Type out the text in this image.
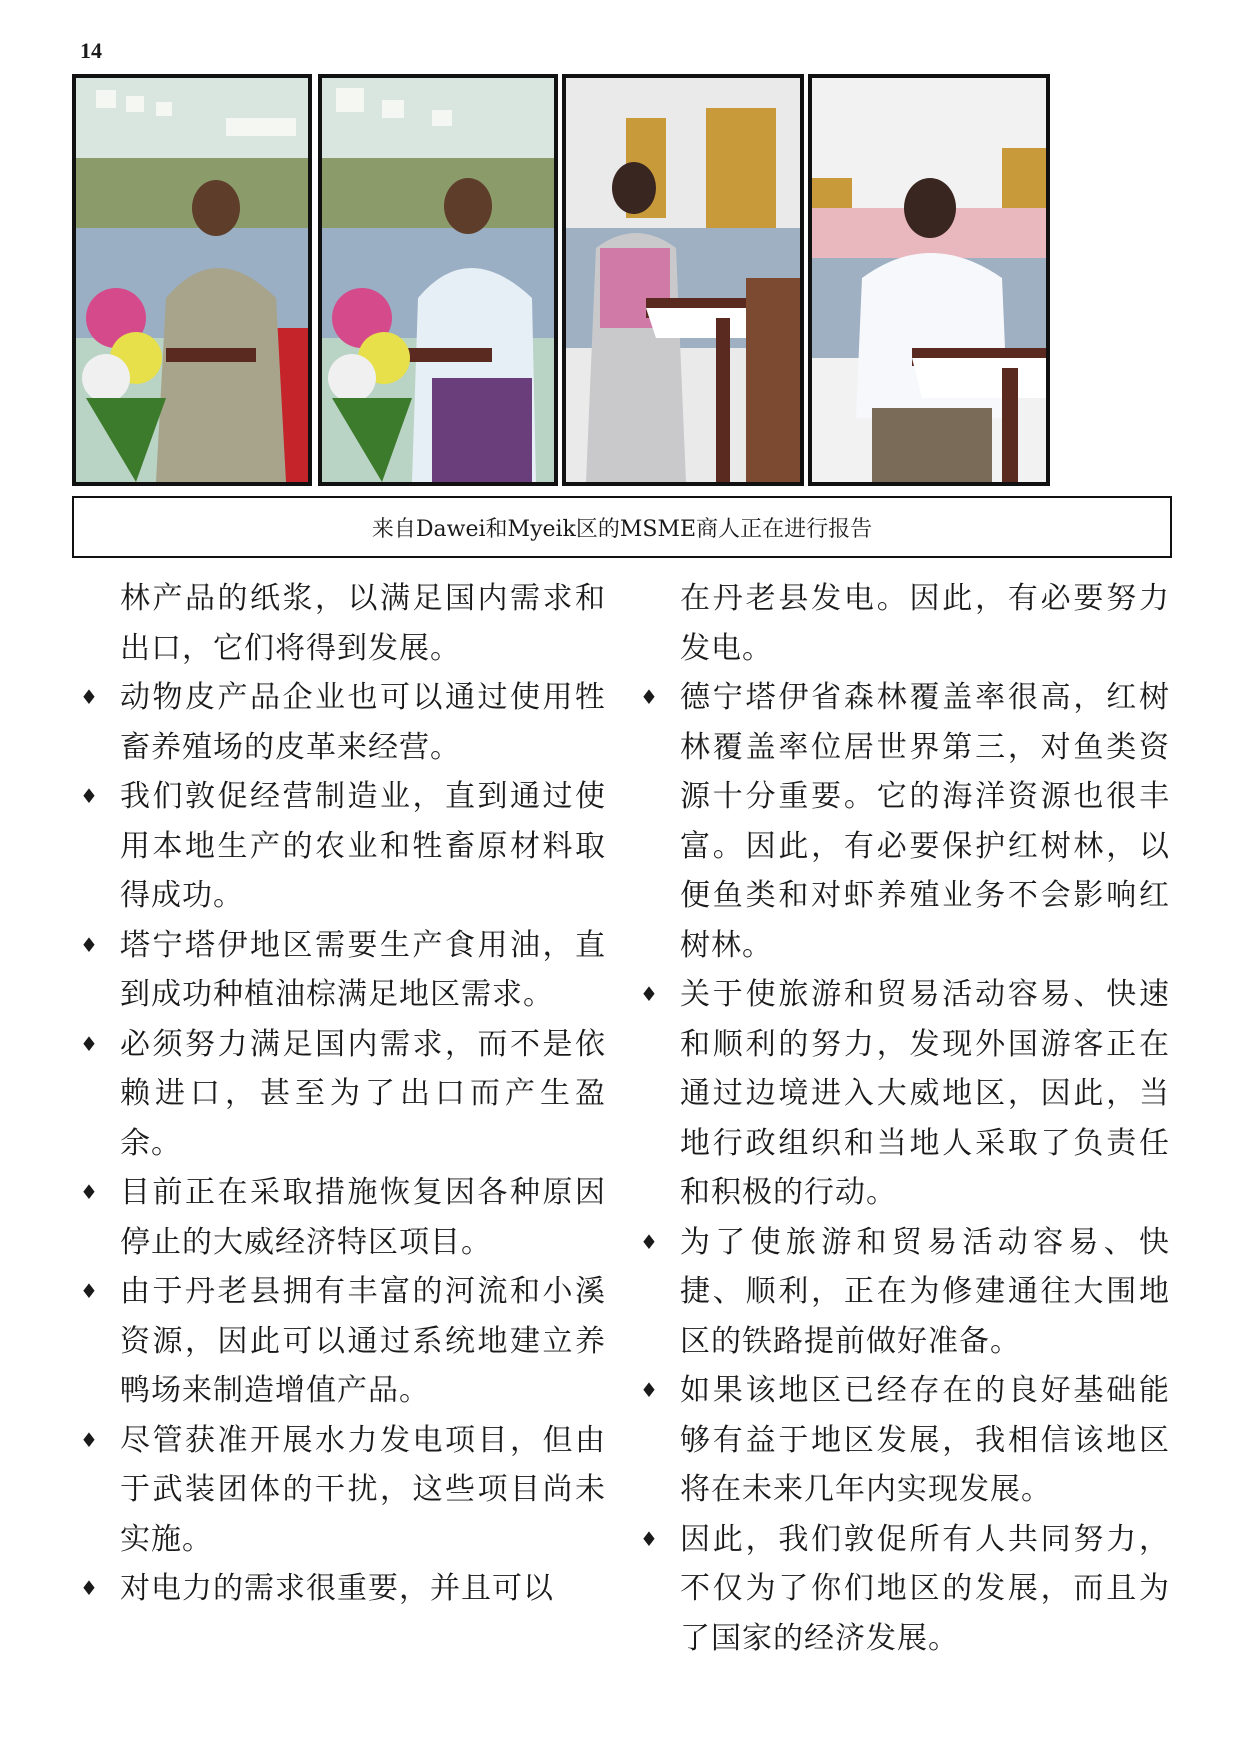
14
来自Dawei和Myeik区的MSME商人正在进行报告
林产品的纸浆，以满足国内需求和出口，它们将得到发展。
♦ 动物皮产品企业也可以通过使用牲畜养殖场的皮革来经营。
♦ 我们敦促经营制造业，直到通过使用本地生产的农业和牲畜原材料取得成功。
♦ 塔宁塔伊地区需要生产食用油，直到成功种植油棕满足地区需求。
♦ 必须努力满足国内需求，而不是依赖进口，甚至为了出口而产生盈余。
♦ 目前正在采取措施恢复因各种原因停止的大威经济特区项目。
♦ 由于丹老县拥有丰富的河流和小溪资源，因此可以通过系统地建立养鸭场来制造增值产品。
♦ 尽管获准开展水力发电项目，但由于武装团体的干扰，这些项目尚未实施。
♦ 对电力的需求很重要，并且可以
在丹老县发电。因此，有必要努力发电。
♦ 德宁塔伊省森林覆盖率很高，红树林覆盖率位居世界第三，对鱼类资源十分重要。它的海洋资源也很丰富。因此，有必要保护红树林，以便鱼类和对虾养殖业务不会影响红树林。
♦ 关于使旅游和贸易活动容易、快速和顺利的努力，发现外国游客正在通过边境进入大威地区，因此，当地行政组织和当地人采取了负责任和积极的行动。
♦ 为了使旅游和贸易活动容易、快捷、顺利，正在为修建通往大围地区的铁路提前做好准备。
♦ 如果该地区已经存在的良好基础能够有益于地区发展，我相信该地区将在未来几年内实现发展。
♦ 因此，我们敦促所有人共同努力，不仅为了你们地区的发展，而且为了国家的经济发展。
